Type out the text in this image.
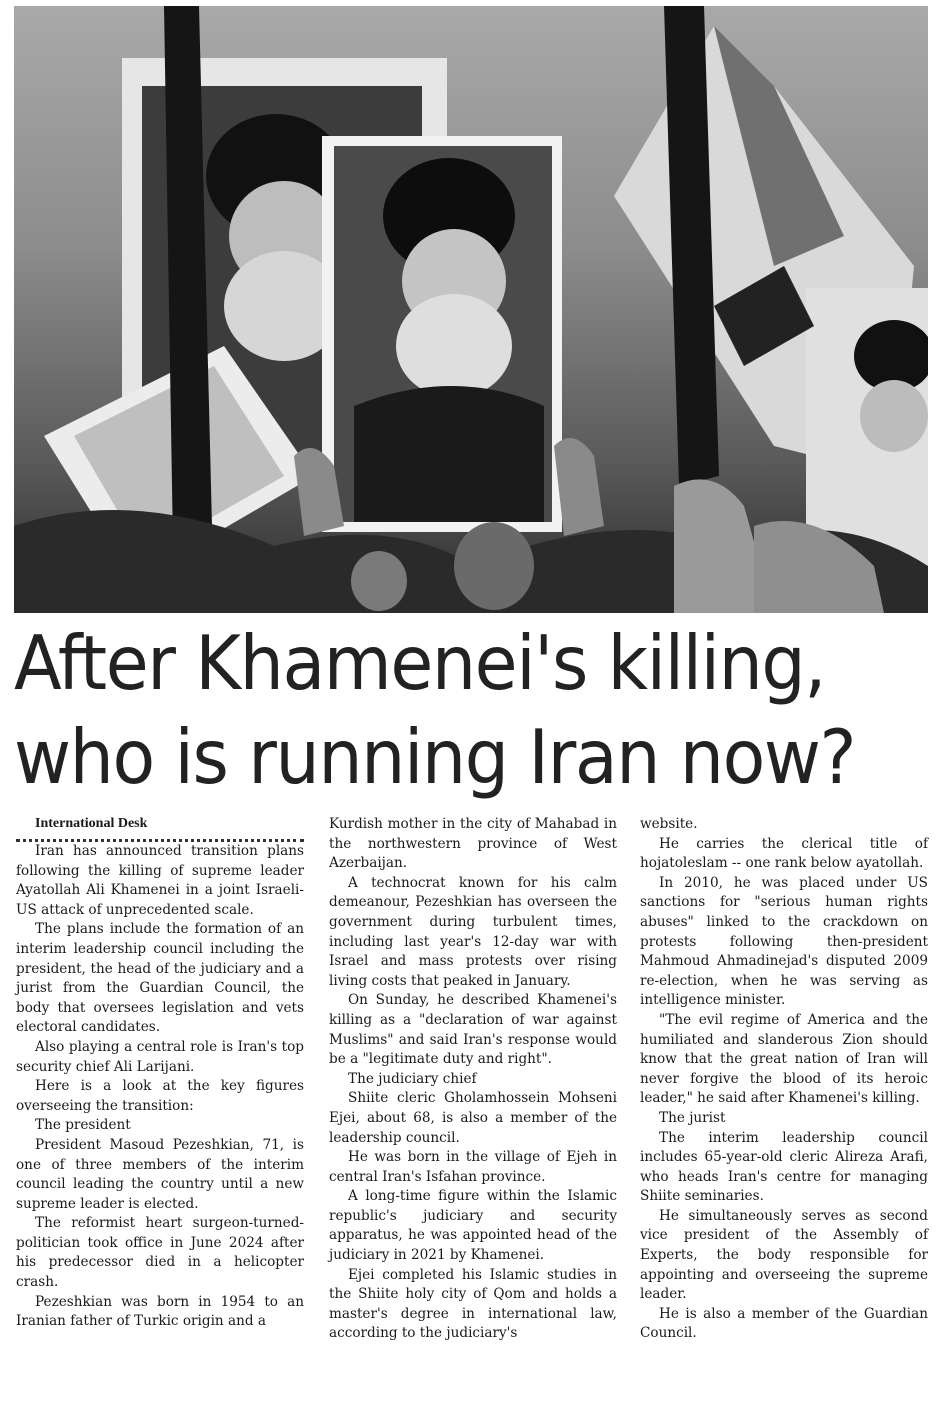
After Khamenei's killing,
who is running Iran now?

International Desk

Iran has announced transition plans following the killing of supreme leader Ayatollah Ali Khamenei in a joint Israeli-US attack of unprecedented scale.

The plans include the formation of an interim leadership council including the president, the head of the judiciary and a jurist from the Guardian Council, the body that oversees legislation and vets electoral candidates.

Also playing a central role is Iran's top security chief Ali Larijani.

Here is a look at the key figures overseeing the transition:

The president

President Masoud Pezeshkian, 71, is one of three members of the interim council leading the country until a new supreme leader is elected.

The reformist heart surgeon-turned-politician took office in June 2024 after his predecessor died in a helicopter crash.

Pezeshkian was born in 1954 to an Iranian father of Turkic origin and a

Kurdish mother in the city of Mahabad in the northwestern province of West Azerbaijan.

A technocrat known for his calm demeanour, Pezeshkian has overseen the government during turbulent times, including last year's 12-day war with Israel and mass protests over rising living costs that peaked in January.

On Sunday, he described Khamenei's killing as a "declaration of war against Muslims" and said Iran's response would be a "legitimate duty and right".

The judiciary chief

Shiite cleric Gholamhossein Mohseni Ejei, about 68, is also a member of the leadership council.

He was born in the village of Ejeh in central Iran's Isfahan province.

A long-time figure within the Islamic republic's judiciary and security apparatus, he was appointed head of the judiciary in 2021 by Khamenei.

Ejei completed his Islamic studies in the Shiite holy city of Qom and holds a master's degree in international law, according to the judiciary's

website.

He carries the clerical title of hojatoleslam -- one rank below ayatollah.

In 2010, he was placed under US sanctions for "serious human rights abuses" linked to the crackdown on protests following then-president Mahmoud Ahmadinejad's disputed 2009 re-election, when he was serving as intelligence minister.

"The evil regime of America and the humiliated and slanderous Zion should know that the great nation of Iran will never forgive the blood of its heroic leader," he said after Khamenei's killing.

The jurist

The interim leadership council includes 65-year-old cleric Alireza Arafi, who heads Iran's centre for managing Shiite seminaries.

He simultaneously serves as second vice president of the Assembly of Experts, the body responsible for appointing and overseeing the supreme leader.

He is also a member of the Guardian Council.
